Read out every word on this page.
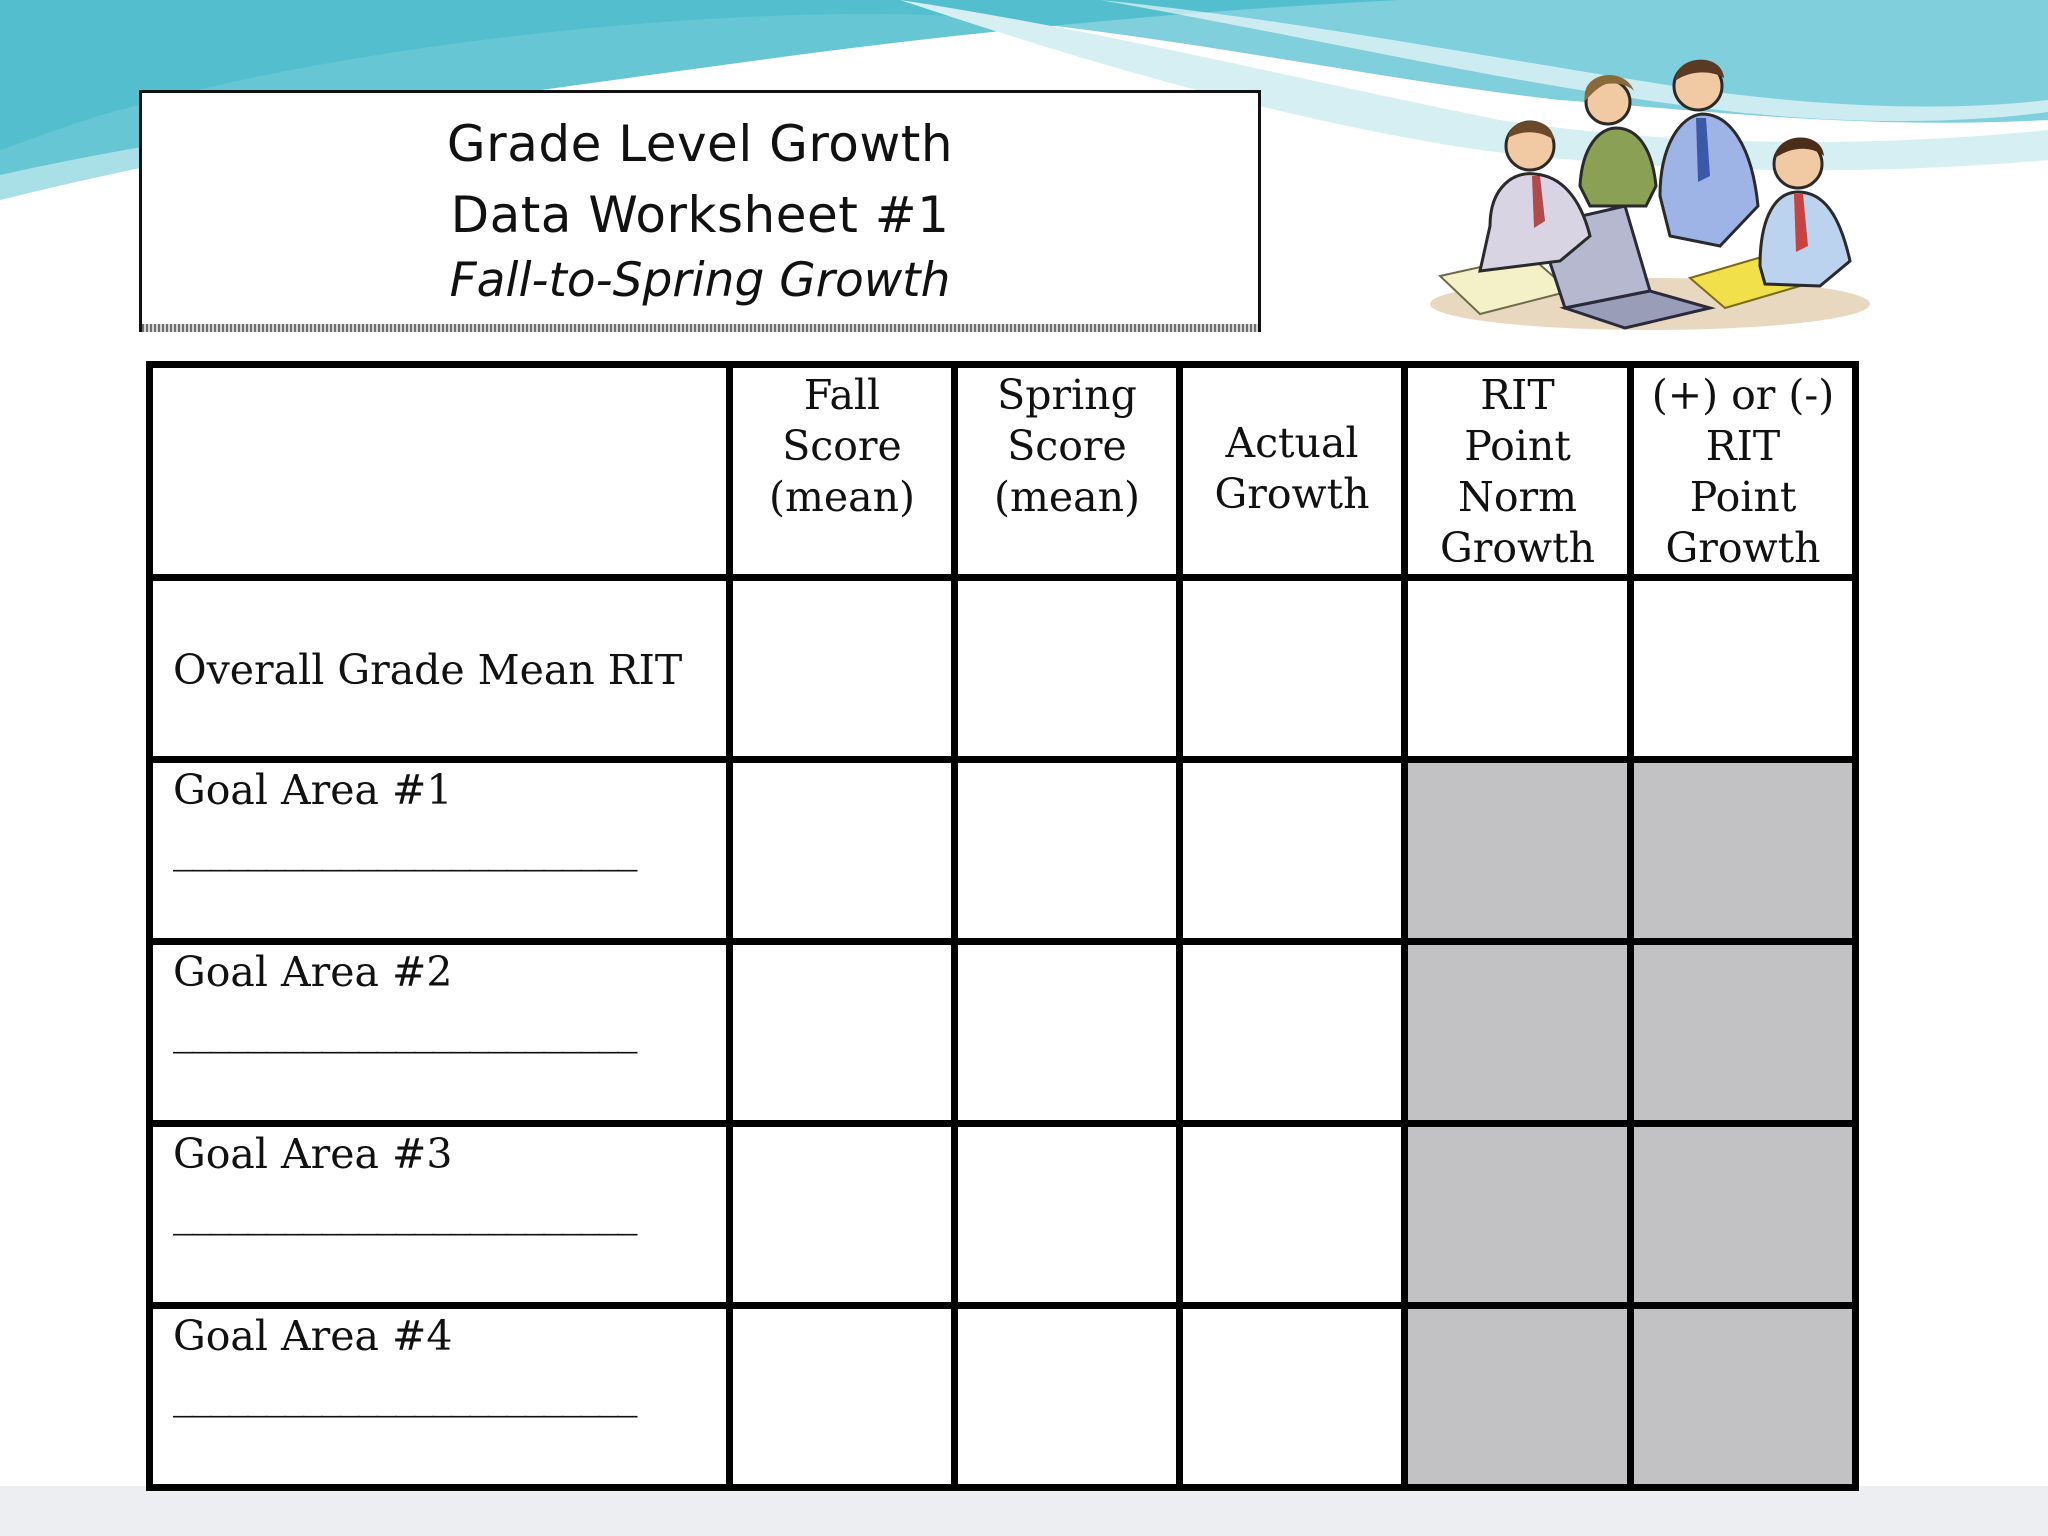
Grade Level Growth
Data Worksheet #1
Fall-to-Spring Growth

	Fall
Score
(mean)	Spring
Score
(mean)	Actual
Growth	RIT
Point
Norm
Growth	(+) or (-)
RIT
Point
Growth

Overall Grade Mean RIT					

Goal Area #1
_________________________					

Goal Area #2
_________________________					

Goal Area #3
_________________________					

Goal Area #4
_________________________					
